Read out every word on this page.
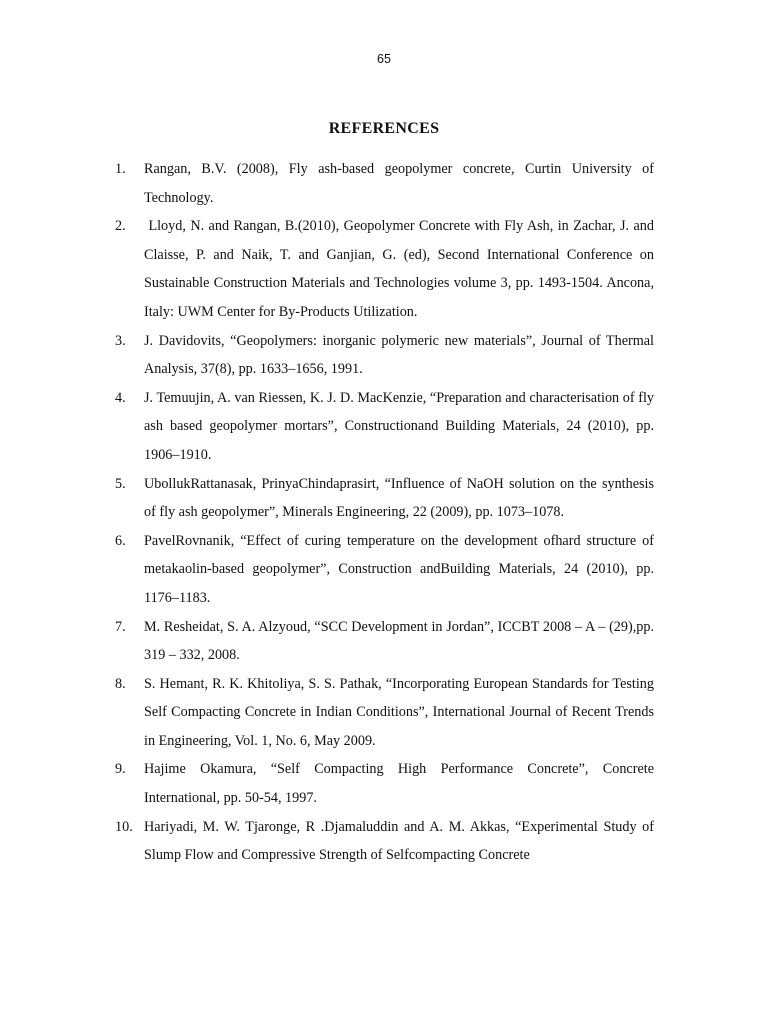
65
REFERENCES
1.	Rangan, B.V. (2008), Fly ash-based geopolymer concrete, Curtin University of Technology.
2.	Lloyd, N. and Rangan, B.(2010), Geopolymer Concrete with Fly Ash, in Zachar, J. and Claisse, P. and Naik, T. and Ganjian, G. (ed), Second International Conference on Sustainable Construction Materials and Technologies volume 3, pp. 1493-1504. Ancona, Italy: UWM Center for By-Products Utilization.
3.	J. Davidovits, “Geopolymers: inorganic polymeric new materials”, Journal of Thermal Analysis, 37(8), pp. 1633–1656, 1991.
4.	J. Temuujin, A. van Riessen, K. J. D. MacKenzie, “Preparation and characterisation of fly ash based geopolymer mortars”, Constructionand Building Materials, 24 (2010), pp. 1906–1910.
5.	UbollukRattanasak, PrinyaChindaprasirt, “Influence of NaOH solution on the synthesis of fly ash geopolymer”, Minerals Engineering, 22 (2009), pp. 1073–1078.
6.	PavelRovnanik, “Effect of curing temperature on the development ofhard structure of metakaolin-based geopolymer”, Construction andBuilding Materials, 24 (2010), pp. 1176–1183.
7.	M. Resheidat, S. A. Alzyoud, “SCC Development in Jordan”, ICCBT 2008 – A – (29),pp. 319 – 332, 2008.
8.	S. Hemant, R. K. Khitoliya, S. S. Pathak, “Incorporating European Standards for Testing Self Compacting Concrete in Indian Conditions”, International Journal of Recent Trends in Engineering, Vol. 1, No. 6, May 2009.
9.	Hajime Okamura, “Self Compacting High Performance Concrete”, Concrete International, pp. 50-54, 1997.
10. Hariyadi, M. W. Tjaronge, R .Djamaluddin and A. M. Akkas, “Experimental Study of Slump Flow and Compressive Strength of Selfcompacting Concrete
